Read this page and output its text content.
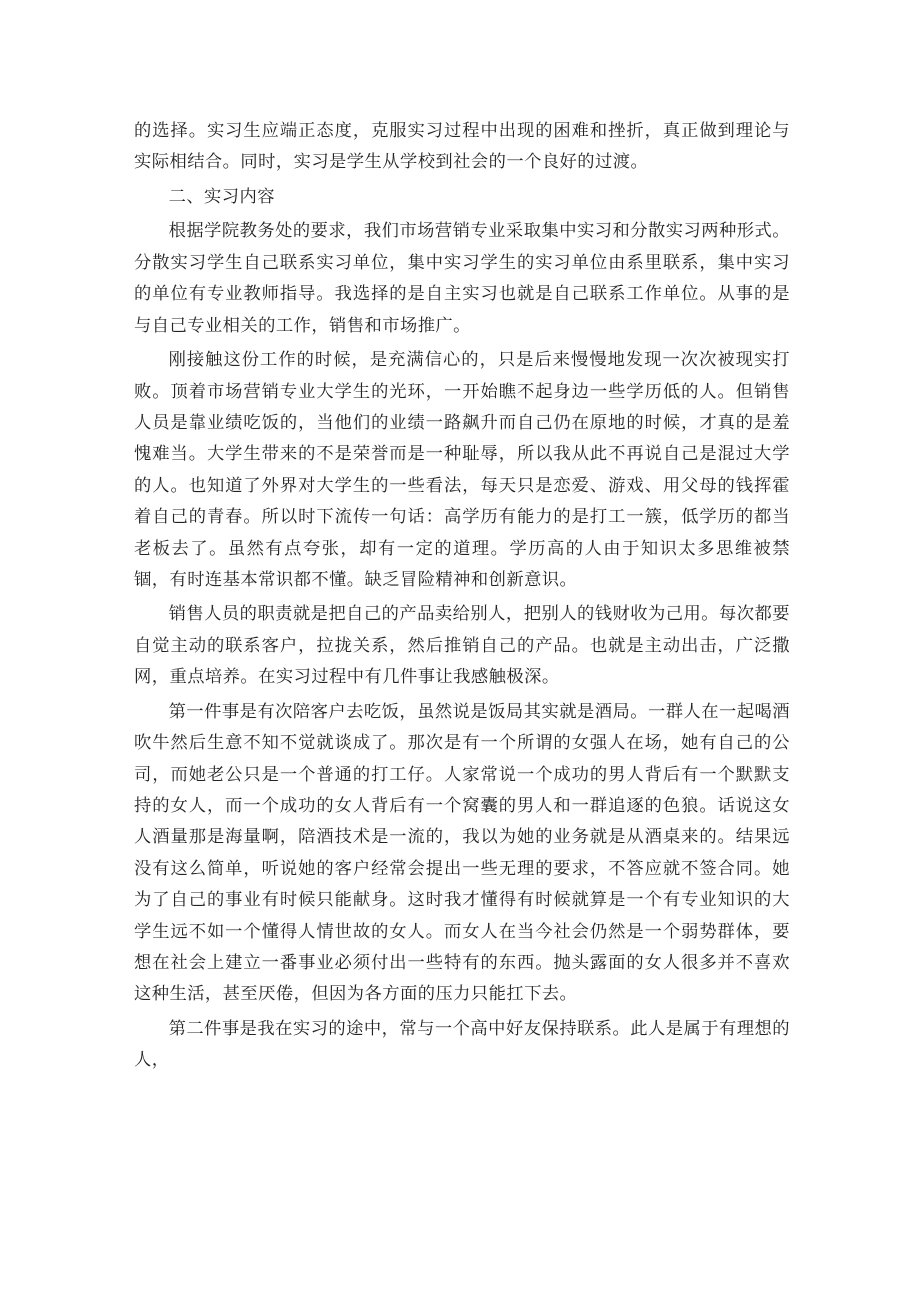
的选择。实习生应端正态度，克服实习过程中出现的困难和挫折，真正做到理论与实际相结合。同时，实习是学生从学校到社会的一个良好的过渡。

二、实习内容

根据学院教务处的要求，我们市场营销专业采取集中实习和分散实习两种形式。分散实习学生自己联系实习单位，集中实习学生的实习单位由系里联系，集中实习的单位有专业教师指导。我选择的是自主实习也就是自己联系工作单位。从事的是与自己专业相关的工作，销售和市场推广。

刚接触这份工作的时候，是充满信心的，只是后来慢慢地发现一次次被现实打败。顶着市场营销专业大学生的光环，一开始瞧不起身边一些学历低的人。但销售人员是靠业绩吃饭的，当他们的业绩一路飙升而自己仍在原地的时候，才真的是羞愧难当。大学生带来的不是荣誉而是一种耻辱，所以我从此不再说自己是混过大学的人。也知道了外界对大学生的一些看法，每天只是恋爱、游戏、用父母的钱挥霍着自己的青春。所以时下流传一句话：高学历有能力的是打工一簇，低学历的都当老板去了。虽然有点夸张，却有一定的道理。学历高的人由于知识太多思维被禁锢，有时连基本常识都不懂。缺乏冒险精神和创新意识。

销售人员的职责就是把自己的产品卖给别人，把别人的钱财收为己用。每次都要自觉主动的联系客户，拉拢关系，然后推销自己的产品。也就是主动出击，广泛撒网，重点培养。在实习过程中有几件事让我感触极深。

第一件事是有次陪客户去吃饭，虽然说是饭局其实就是酒局。一群人在一起喝酒吹牛然后生意不知不觉就谈成了。那次是有一个所谓的女强人在场，她有自己的公司，而她老公只是一个普通的打工仔。人家常说一个成功的男人背后有一个默默支持的女人，而一个成功的女人背后有一个窝囊的男人和一群追逐的色狼。话说这女人酒量那是海量啊，陪酒技术是一流的，我以为她的业务就是从酒桌来的。结果远没有这么简单，听说她的客户经常会提出一些无理的要求，不答应就不签合同。她为了自己的事业有时候只能献身。这时我才懂得有时候就算是一个有专业知识的大学生远不如一个懂得人情世故的女人。而女人在当今社会仍然是一个弱势群体，要想在社会上建立一番事业必须付出一些特有的东西。抛头露面的女人很多并不喜欢这种生活，甚至厌倦，但因为各方面的压力只能扛下去。

第二件事是我在实习的途中，常与一个高中好友保持联系。此人是属于有理想的人，
